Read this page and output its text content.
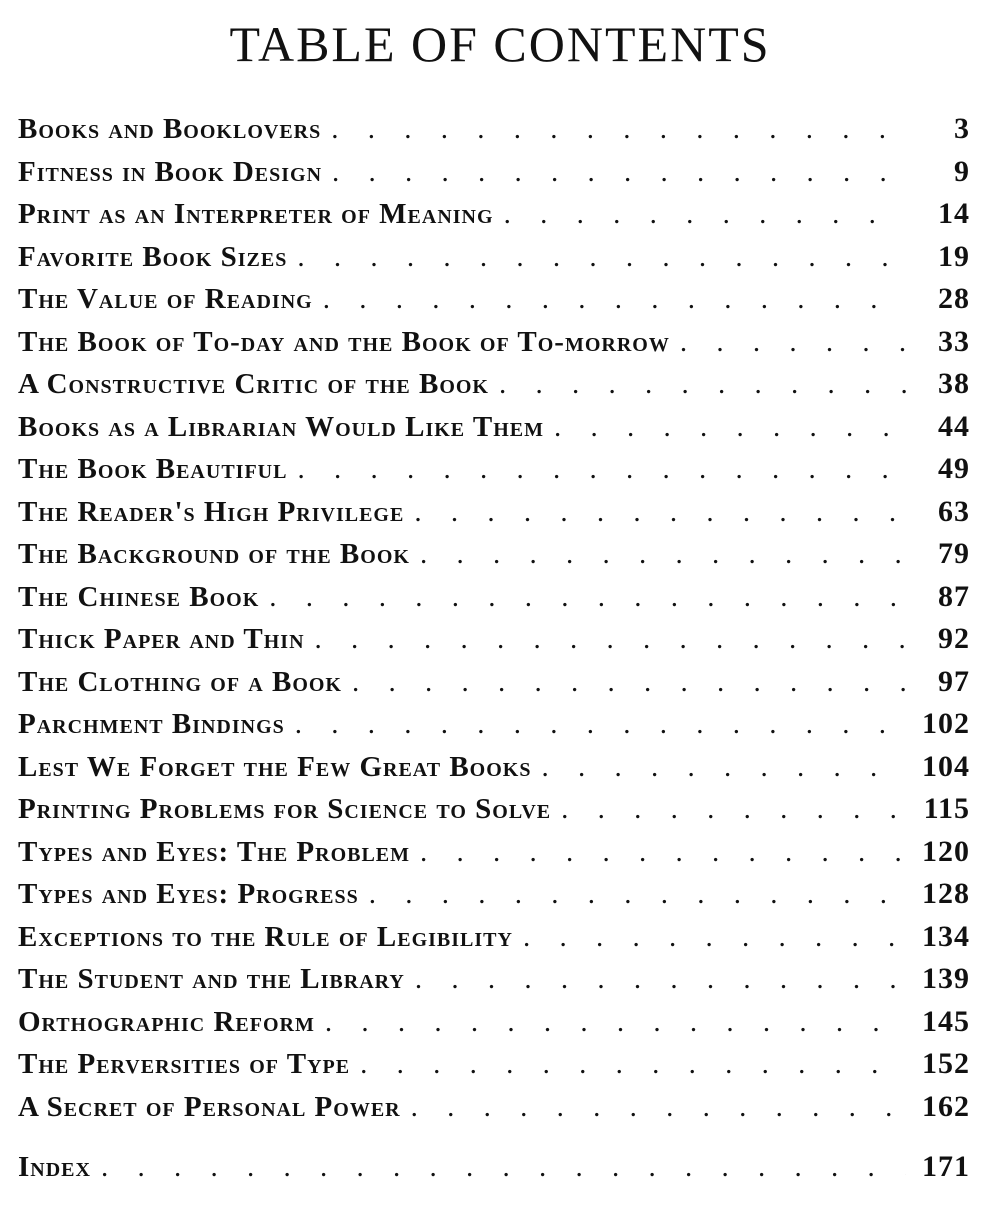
TABLE OF CONTENTS
Books and Booklovers . . .	3
Fitness in Book Design . . .	9
Print as an Interpreter of Meaning . . .	14
Favorite Book Sizes . . .	19
The Value of Reading . . .	28
The Book of To-day and the Book of To-morrow . . .	33
A Constructive Critic of the Book . . .	38
Books as a Librarian Would Like Them . . .	44
The Book Beautiful . . .	49
The Reader's High Privilege . . .	63
The Background of the Book . . .	79
The Chinese Book . . .	87
Thick Paper and Thin . . .	92
The Clothing of a Book . . .	97
Parchment Bindings . . .	102
Lest We Forget the Few Great Books . . .	104
Printing Problems for Science to Solve . . .	115
Types and Eyes: The Problem . . .	120
Types and Eyes: Progress . . .	128
Exceptions to the Rule of Legibility . . .	134
The Student and the Library . . .	139
Orthographic Reform . . .	145
The Perversities of Type . . .	152
A Secret of Personal Power . . .	162
Index . . .	171
